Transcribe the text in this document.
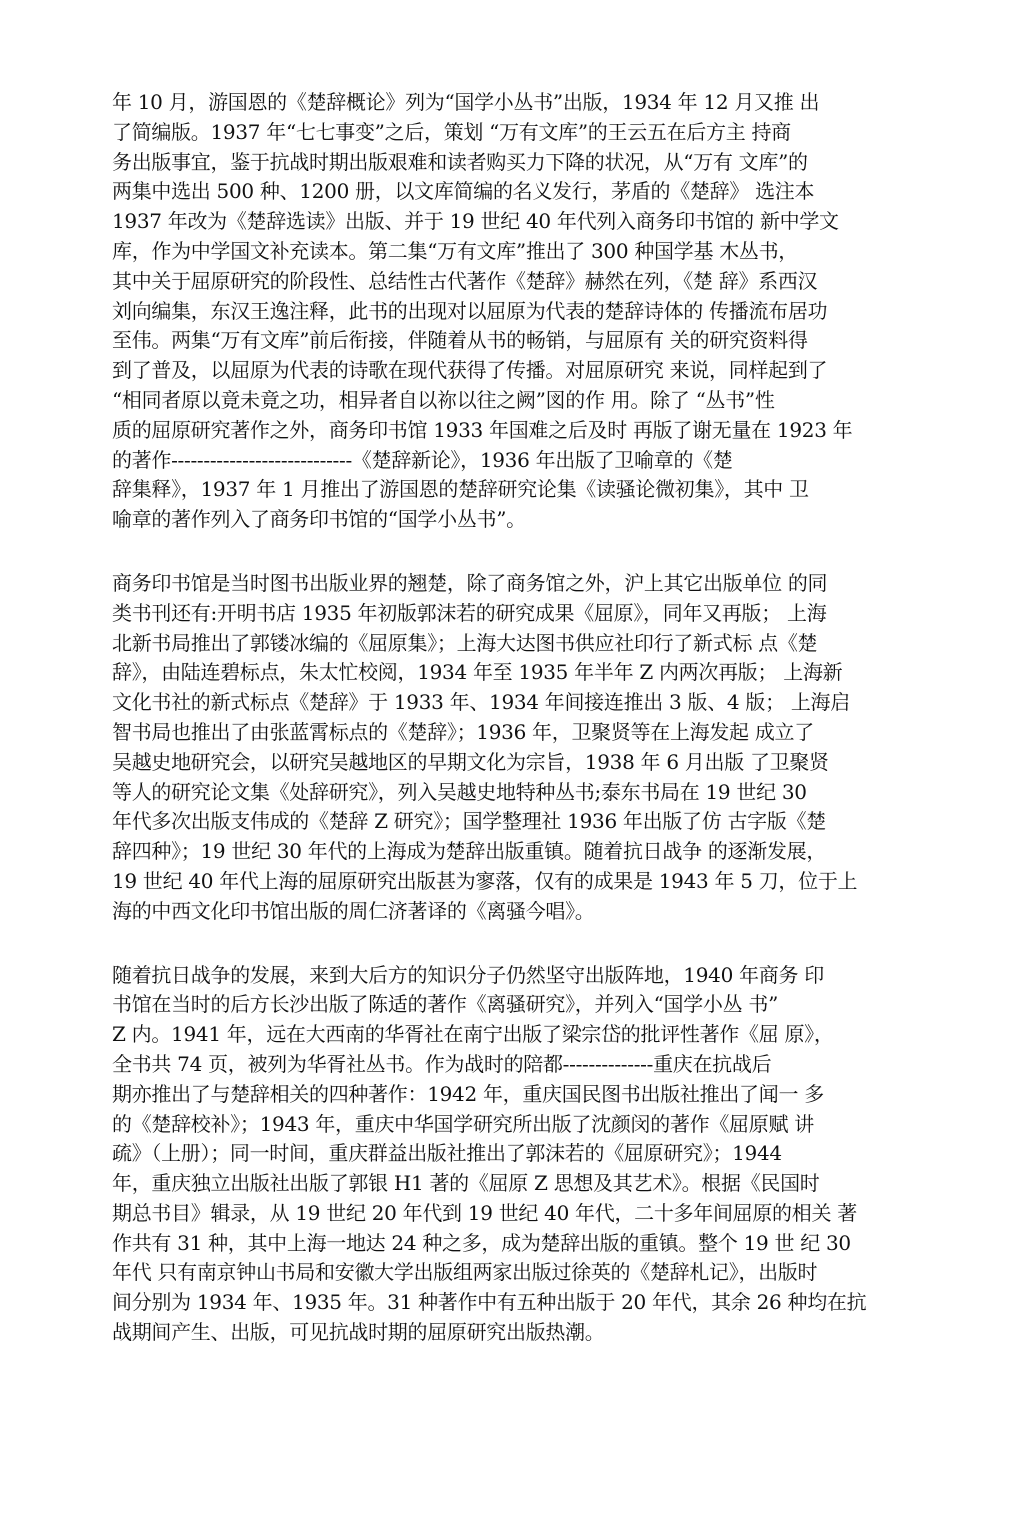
年 10 月，游国恩的《楚辞概论》列为“国学小丛书”出版，1934 年 12 月又推 出
了简编版。1937 年“七七事变”之后，策划 “万有文库”的王云五在后方主 持商
务出版事宜，鉴于抗战时期出版艰难和读者购买力下降的状况，从“万有 文库”的
两集中选出 500 种、1200 册，以文库简编的名义发行，茅盾的《楚辞》 选注本
1937 年改为《楚辞选读》出版、并于 19 世纪 40 年代列入商务印书馆的 新中学文
库，作为中学国文补充读本。第二集“万有文库”推出了 300 种国学基 木丛书，
其中关于屈原研究的阶段性、总结性古代著作《楚辞》赫然在列，《楚 辞》系西汉
刘向编集，东汉王逸注释，此书的出现对以屈原为代表的楚辞诗体的 传播流布居功
至伟。两集“万有文库”前后衔接，伴随着从书的畅销，与屈原有 关的研究资料得
到了普及，以屈原为代表的诗歌在现代获得了传播。对屈原研究 来说，同样起到了
“相同者原以竟未竟之功，相异者自以祢以往之阙”図的作 用。除了 “丛书”性
质的屈原研究著作之外，商务印书馆 1933 年国难之后及时 再版了谢无量在 1923 年
的著作----------------------------《楚辞新论》，1936 年出版了卫喻章的《楚
辞集释》，1937 年 1 月推出了游国恩的楚辞研究论集《读骚论微初集》，其中 卫
喻章的著作列入了商务印书馆的“国学小丛书”。
商务印书馆是当时图书出版业界的翘楚，除了商务馆之外，沪上其它出版单位 的同
类书刊还有:开明书店 1935 年初版郭沫若的研究成果《屈原》，同年又再版； 上海
北新书局推出了郭镂冰编的《屈原集》；上海大达图书供应社印行了新式标 点《楚
辞》，由陆连碧标点，朱太忙校阅，1934 年至 1935 年半年 Z 内两次再版； 上海新
文化书社的新式标点《楚辞》于 1933 年、1934 年间接连推出 3 版、4 版； 上海启
智书局也推出了由张蓝霄标点的《楚辞》；1936 年，卫聚贤等在上海发起 成立了
吴越史地研究会，以研究吴越地区的早期文化为宗旨，1938 年 6 月出版 了卫聚贤
等人的研究论文集《处辞研究》，列入吴越史地特种丛书;泰东书局在 19 世纪 30
年代多次出版支伟成的《楚辞 Z 研究》；国学整理社 1936 年出版了仿 古字版《楚
辞四种》；19 世纪 30 年代的上海成为楚辞出版重镇。随着抗日战争 的逐渐发展，
19 世纪 40 年代上海的屈原研究出版甚为寥落，仅有的成果是 1943 年 5 刀，位于上
海的中西文化印书馆出版的周仁济著译的《离骚今唱》。
随着抗日战争的发展，来到大后方的知识分子仍然坚守出版阵地，1940 年商务 印
书馆在当时的后方长沙出版了陈适的著作《离骚研究》，并列入“国学小丛 书”
Z 内。1941 年，远在大西南的华胥社在南宁出版了梁宗岱的批评性著作《屈 原》，
全书共 74 页，被列为华胥社丛书。作为战时的陪都--------------重庆在抗战后
期亦推出了与楚辞相关的四种著作：1942 年，重庆国民图书出版社推出了闻一 多
的《楚辞校补》；1943 年，重庆中华国学研究所出版了沈颜闵的著作《屈原赋 讲
疏》（上册）；同一时间，重庆群益出版社推出了郭沫若的《屈原研究》；1944
年，重庆独立出版社出版了郭银 H1 著的《屈原 Z 思想及其艺术》。根据《民国时
期总书目》辑录，从 19 世纪 20 年代到 19 世纪 40 年代，二十多年间屈原的相关 著
作共有 31 种，其中上海一地达 24 种之多，成为楚辞出版的重镇。整个 19 世 纪 30
年代 只有南京钟山书局和安徽大学出版组两家出版过徐英的《楚辞札记》，出版时
间分别为 1934 年、1935 年。31 种著作中有五种出版于 20 年代，其余 26 种均在抗
战期间产生、出版，可见抗战时期的屈原研究出版热潮。
